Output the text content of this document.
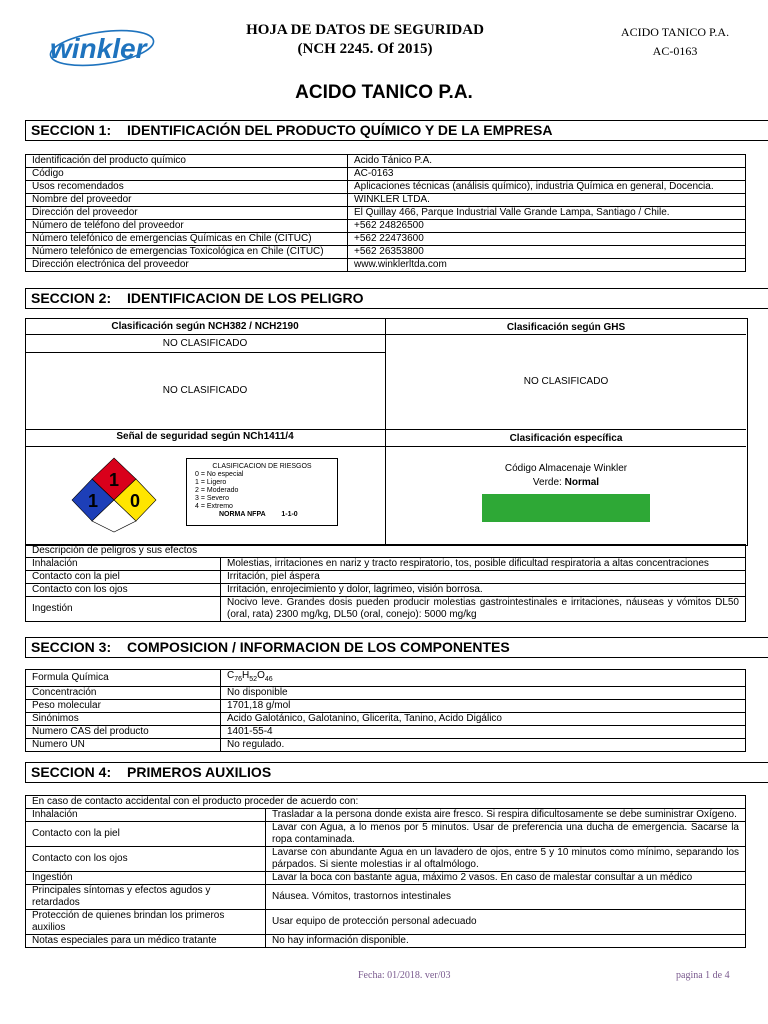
winkler
HOJA DE DATOS DE SEGURIDAD
(NCH 2245. Of 2015)
ACIDO TANICO P.A.
AC-0163
ACIDO TANICO P.A.
SECCION 1: IDENTIFICACIÓN DEL PRODUCTO QUÍMICO Y DE LA EMPRESA
Identificación del producto químico	Acido Tánico P.A.
Código	AC-0163
Usos recomendados	Aplicaciones técnicas (análisis químico), industria Química en general, Docencia.
Nombre del proveedor	WINKLER LTDA.
Dirección del proveedor	El Quillay 466, Parque Industrial Valle Grande Lampa, Santiago / Chile.
Número de teléfono del proveedor	+562 24826500
Número telefónico de emergencias Químicas en Chile (CITUC)	+562 22473600
Número telefónico de emergencias Toxicológica en Chile (CITUC)	+562 26353800
Dirección electrónica del proveedor	www.winklerltda.com
SECCION 2: IDENTIFICACION DE LOS PELIGRO
Clasificación según NCH382 / NCH2190	Clasificación según GHS
NO CLASIFICADO
NO CLASIFICADO
NO CLASIFICADO
Señal de seguridad según NCh1411/4	Clasificación específica
1
1 0
CLASIFICACION DE RIESGOS
0 = No especial
1 = Ligero
2 = Moderado
3 = Severo
4 = Extremo
NORMA NFPA 1-1-0
Código Almacenaje Winkler
Verde: Normal
Descripción de peligros y sus efectos	
Inhalación	Molestias, irritaciones en nariz y tracto respiratorio, tos, posible dificultad respiratoria a altas concentraciones
Contacto con la piel	Irritación, piel áspera
Contacto con los ojos	Irritación, enrojecimiento y dolor, lagrimeo, visión borrosa.
Ingestión	Nocivo leve. Grandes dosis pueden producir molestias gastrointestinales e irritaciones, náuseas y vómitos DL50 (oral, rata) 2300 mg/kg, DL50 (oral, conejo): 5000 mg/kg
SECCION 3: COMPOSICION / INFORMACION DE LOS COMPONENTES
Formula Química	$C_{76}H_{52}O_{46}$
Concentración	No disponible
Peso molecular	1701,18 g/mol
Sinónimos	Acido Galotánico, Galotanino, Glicerita, Tanino, Acido Digálico
Numero CAS del producto	1401-55-4
Numero UN	No regulado.
SECCION 4: PRIMEROS AUXILIOS
En caso de contacto accidental con el producto proceder de acuerdo con:	
Inhalación	Trasladar a la persona donde exista aire fresco. Si respira dificultosamente se debe suministrar Oxígeno.
Contacto con la piel	Lavar con Agua, a lo menos por 5 minutos. Usar de preferencia una ducha de emergencia. Sacarse la ropa contaminada.
Contacto con los ojos	Lavarse con abundante Agua en un lavadero de ojos, entre 5 y 10 minutos como mínimo, separando los párpados. Si siente molestias ir al oftalmólogo.
Ingestión	Lavar la boca con bastante agua, máximo 2 vasos. En caso de malestar consultar a un médico
Principales síntomas y efectos agudos y retardados	Náusea. Vómitos, trastornos intestinales
Protección de quienes brindan los primeros auxilios	Usar equipo de protección personal adecuado
Notas especiales para un médico tratante	No hay información disponible.
Fecha: 01/2018. ver/03	pagina 1 de 4
